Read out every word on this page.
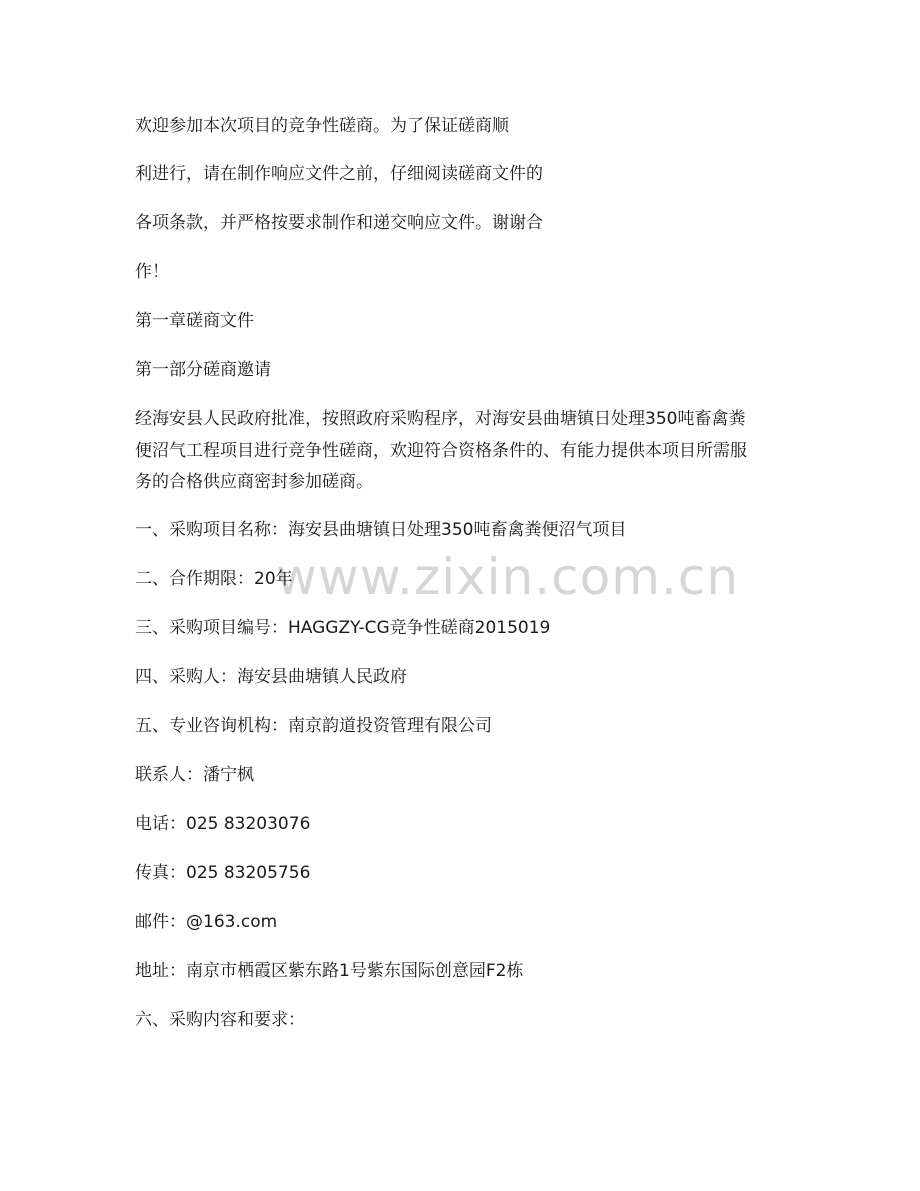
www.zixin.com.cn
欢迎参加本次项目的竞争性磋商。为了保证磋商顺
利进行，请在制作响应文件之前，仔细阅读磋商文件的
各项条款，并严格按要求制作和递交响应文件。谢谢合
作！
第一章磋商文件
第一部分磋商邀请
经海安县人民政府批准，按照政府采购程序，对海安县曲塘镇日处理350吨畜禽粪
便沼气工程项目进行竞争性磋商，欢迎符合资格条件的、有能力提供本项目所需服
务的合格供应商密封参加磋商。
一、采购项目名称：海安县曲塘镇日处理350吨畜禽粪便沼气项目
二、合作期限：20年
三、采购项目编号：HAGGZY-CG竞争性磋商2015019
四、采购人：海安县曲塘镇人民政府
五、专业咨询机构：南京韵道投资管理有限公司
联系人：潘宁枫
电话：025 83203076
传真：025 83205756
邮件：@163.com
地址：南京市栖霞区紫东路1号紫东国际创意园F2栋
六、采购内容和要求：
